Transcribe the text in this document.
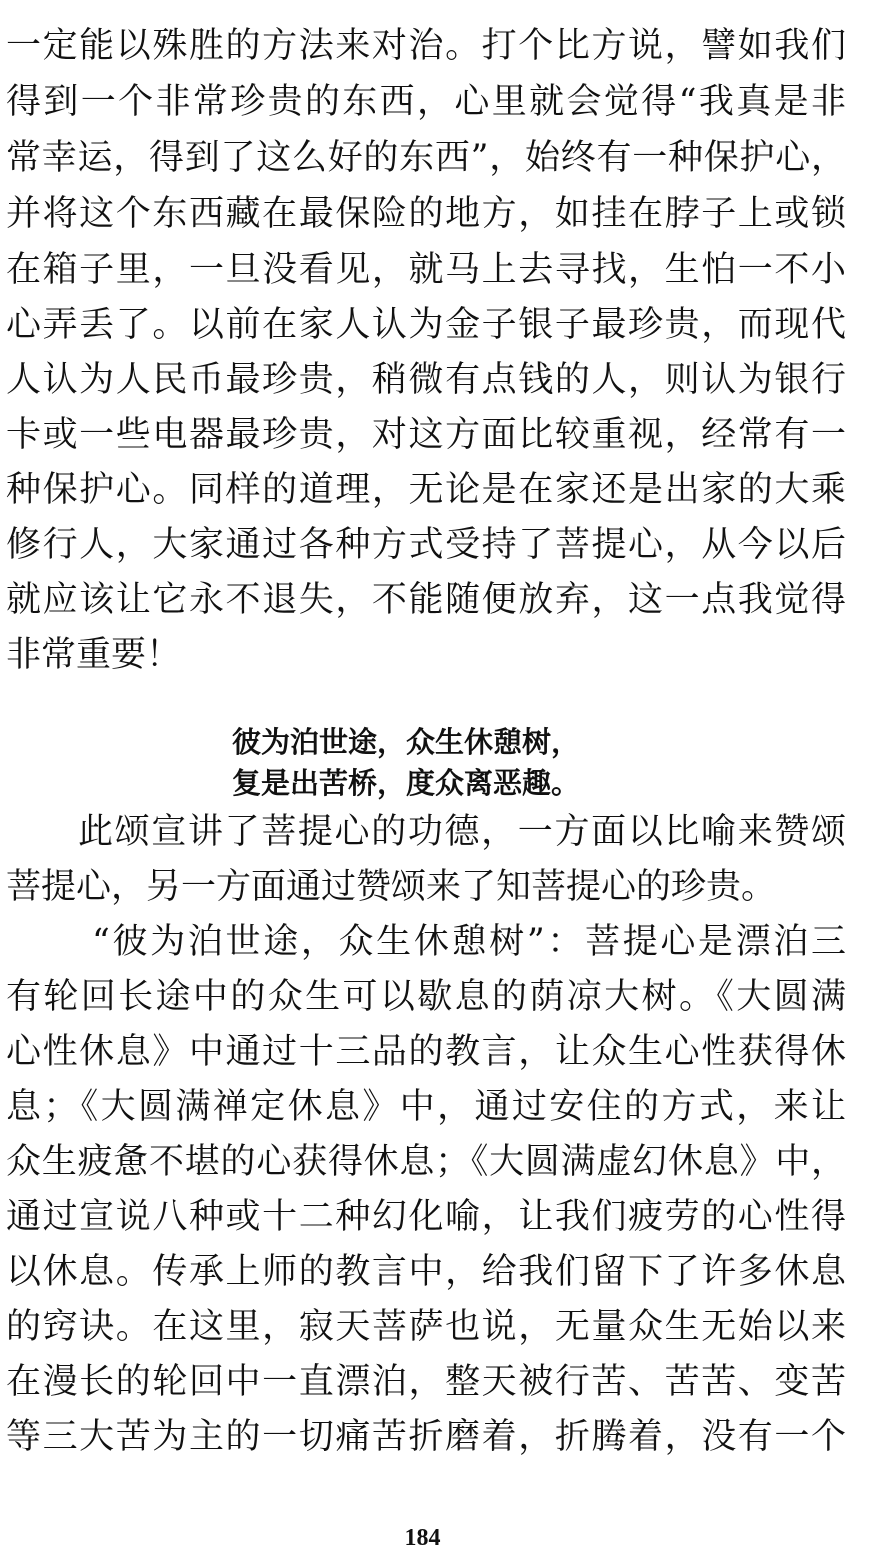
一定能以殊胜的方法来对治。打个比方说，譬如我们
得到一个非常珍贵的东西，心里就会觉得“我真是非
常幸运，得到了这么好的东西”，始终有一种保护心，
并将这个东西藏在最保险的地方，如挂在脖子上或锁
在箱子里，一旦没看见，就马上去寻找，生怕一不小
心弄丢了。以前在家人认为金子银子最珍贵，而现代
人认为人民币最珍贵，稍微有点钱的人，则认为银行
卡或一些电器最珍贵，对这方面比较重视，经常有一
种保护心。同样的道理，无论是在家还是出家的大乘
修行人，大家通过各种方式受持了菩提心，从今以后
就应该让它永不退失，不能随便放弃，这一点我觉得
非常重要！
彼为泊世途，众生休憩树，
复是出苦桥，度众离恶趣。
此颂宣讲了菩提心的功德，一方面以比喻来赞颂
菩提心，另一方面通过赞颂来了知菩提心的珍贵。
“彼为泊世途，众生休憩树”：菩提心是漂泊三
有轮回长途中的众生可以歇息的荫凉大树。《大圆满
心性休息》中通过十三品的教言，让众生心性获得休
息；《大圆满禅定休息》中，通过安住的方式，来让
众生疲惫不堪的心获得休息；《大圆满虚幻休息》中，
通过宣说八种或十二种幻化喻，让我们疲劳的心性得
以休息。传承上师的教言中，给我们留下了许多休息
的窍诀。在这里，寂天菩萨也说，无量众生无始以来
在漫长的轮回中一直漂泊，整天被行苦、苦苦、变苦
等三大苦为主的一切痛苦折磨着，折腾着，没有一个
184
